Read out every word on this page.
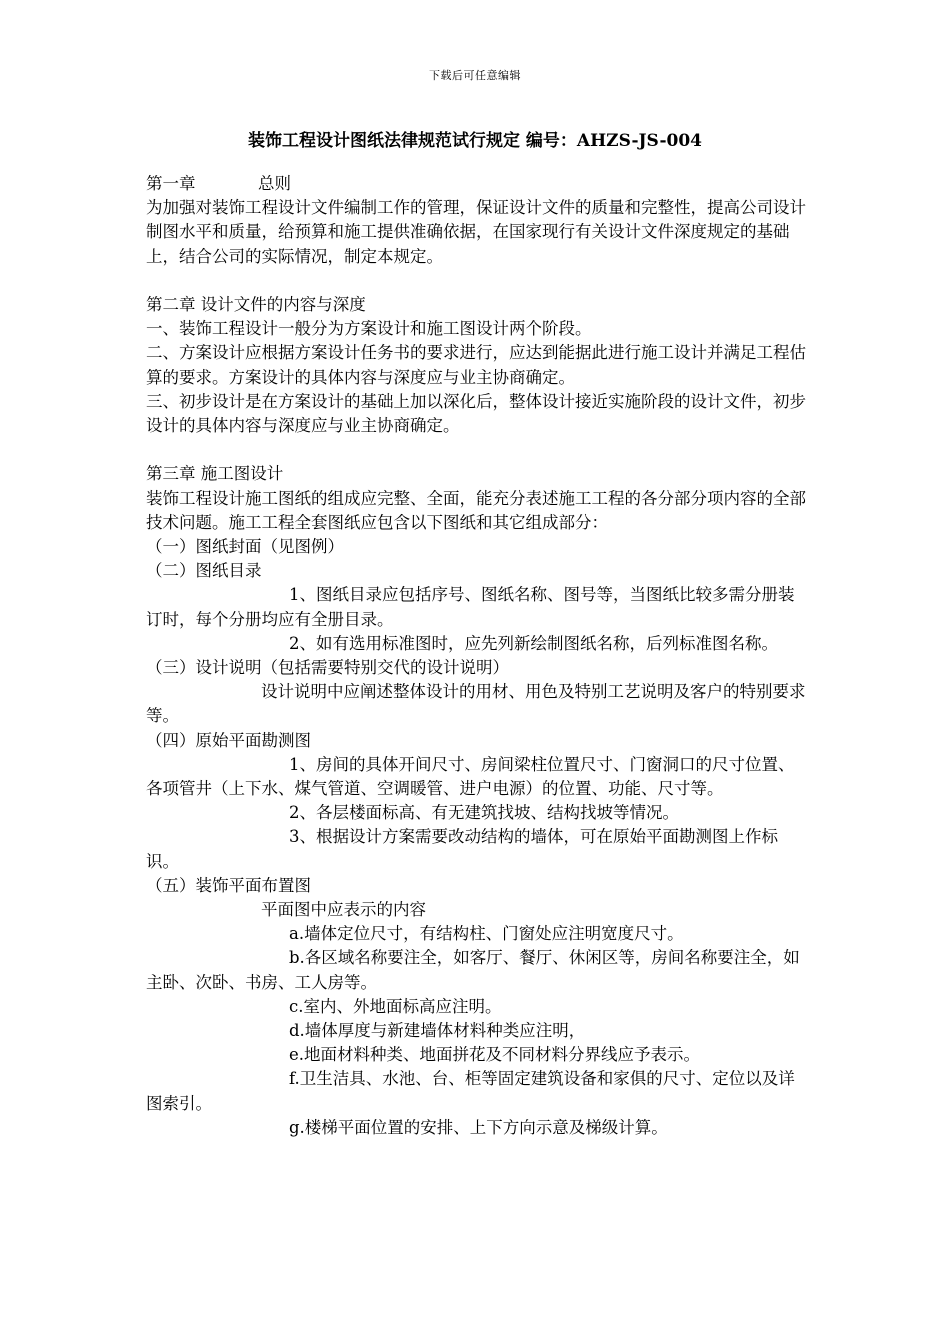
下载后可任意编辑
装饰工程设计图纸法律规范试行规定 编号：AHZS-JS-004

第一章	总则

为加强对装饰工程设计文件编制工作的管理，保证设计文件的质量和完整性，提高公司设计制图水平和质量，给预算和施工提供准确依据，在国家现行有关设计文件深度规定的基础上，结合公司的实际情况，制定本规定。

第二章 设计文件的内容与深度

一、装饰工程设计一般分为方案设计和施工图设计两个阶段。

二、方案设计应根据方案设计任务书的要求进行，应达到能据此进行施工设计并满足工程估算的要求。方案设计的具体内容与深度应与业主协商确定。

三、初步设计是在方案设计的基础上加以深化后，整体设计接近实施阶段的设计文件，初步设计的具体内容与深度应与业主协商确定。

第三章 施工图设计

装饰工程设计施工图纸的组成应完整、全面，能充分表述施工工程的各分部分项内容的全部技术问题。施工工程全套图纸应包含以下图纸和其它组成部分：

（一）图纸封面（见图例）

（二）图纸目录

1、图纸目录应包括序号、图纸名称、图号等，当图纸比较多需分册装订时，每个分册均应有全册目录。

2、如有选用标准图时，应先列新绘制图纸名称，后列标准图名称。

（三）设计说明（包括需要特别交代的设计说明）

设计说明中应阐述整体设计的用材、用色及特别工艺说明及客户的特别要求等。

（四）原始平面勘测图

1、房间的具体开间尺寸、房间梁柱位置尺寸、门窗洞口的尺寸位置、各项管井（上下水、煤气管道、空调暖管、进户电源）的位置、功能、尺寸等。

2、各层楼面标高、有无建筑找坡、结构找坡等情况。

3、根据设计方案需要改动结构的墙体，可在原始平面勘测图上作标识。

（五）装饰平面布置图

平面图中应表示的内容

a.墙体定位尺寸，有结构柱、门窗处应注明宽度尺寸。

b.各区域名称要注全，如客厅、餐厅、休闲区等，房间名称要注全，如主卧、次卧、书房、工人房等。

c.室内、外地面标高应注明。

d.墙体厚度与新建墙体材料种类应注明，

e.地面材料种类、地面拼花及不同材料分界线应予表示。

f.卫生洁具、水池、台、柜等固定建筑设备和家俱的尺寸、定位以及详图索引。

g.楼梯平面位置的安排、上下方向示意及梯级计算。
